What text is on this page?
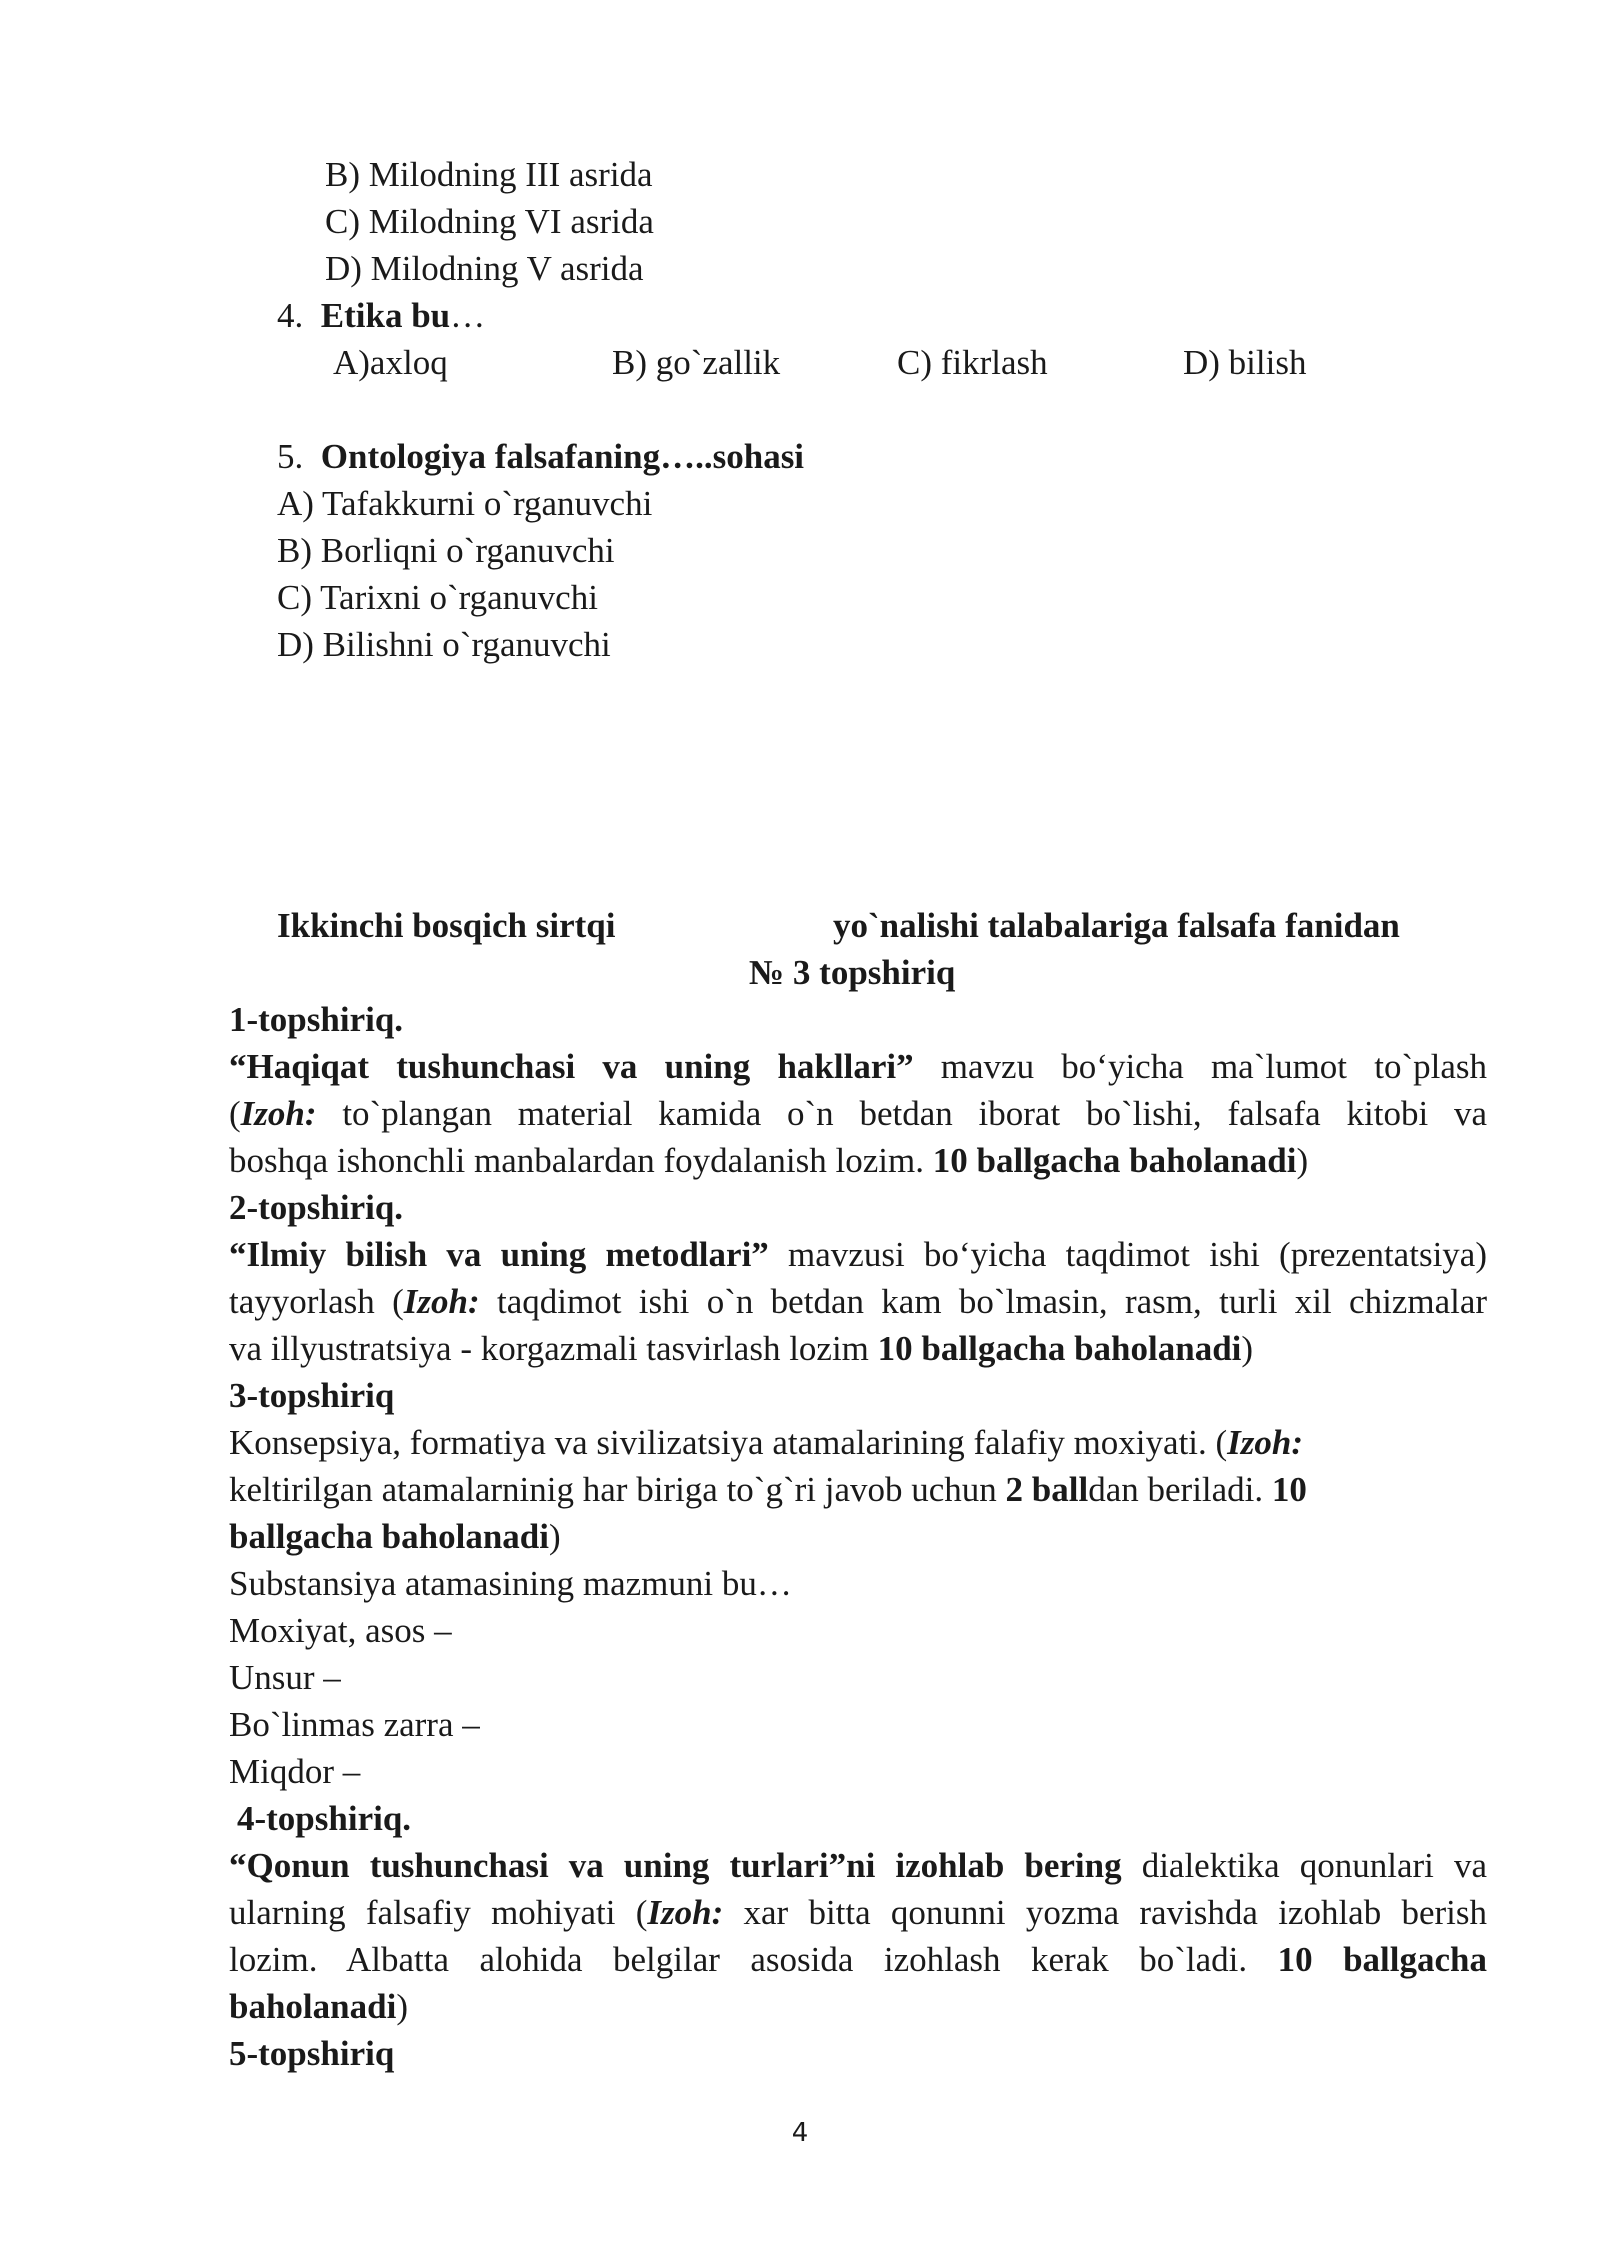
B) Milodning III asrida
C) Milodning VI asrida
D) Milodning V asrida
4. Etika bu…
A)axloq	B) go`zallik	C) fikrlash	D) bilish
5. Ontologiya falsafaning…..sohasi
A) Tafakkurni o`rganuvchi
B) Borliqni o`rganuvchi
C) Tarixni o`rganuvchi
D) Bilishni o`rganuvchi
Ikkinchi bosqich sirtqi	yo`nalishi talabalariga falsafa fanidan
№ 3 topshiriq
1-topshiriq.
“Haqiqat tushunchasi va uning hakllari” mavzu bo‘yicha ma`lumot to`plash
(Izoh: to`plangan material kamida o`n betdan iborat bo`lishi, falsafa kitobi va
boshqa ishonchli manbalardan foydalanish lozim. 10 ballgacha baholanadi)
2-topshiriq.
“Ilmiy bilish va uning metodlari” mavzusi bo‘yicha taqdimot ishi (prezentatsiya)
tayyorlash (Izoh: taqdimot ishi o`n betdan kam bo`lmasin, rasm, turli xil chizmalar
va illyustratsiya - korgazmali tasvirlash lozim 10 ballgacha baholanadi)
3-topshiriq
Konsepsiya, formatiya va sivilizatsiya atamalarining falafiy moxiyati. (Izoh:
keltirilgan atamalarninig har biriga to`g`ri javob uchun 2 balldan beriladi. 10
ballgacha baholanadi)
Substansiya atamasining mazmuni bu…
Moxiyat, asos –
Unsur –
Bo`linmas zarra –
Miqdor –
4-topshiriq.
“Qonun tushunchasi va uning turlari”ni izohlab bering dialektika qonunlari va
ularning falsafiy mohiyati (Izoh: xar bitta qonunni yozma ravishda izohlab berish
lozim. Albatta alohida belgilar asosida izohlash kerak bo`ladi. 10 ballgacha
baholanadi)
5-topshiriq
4
